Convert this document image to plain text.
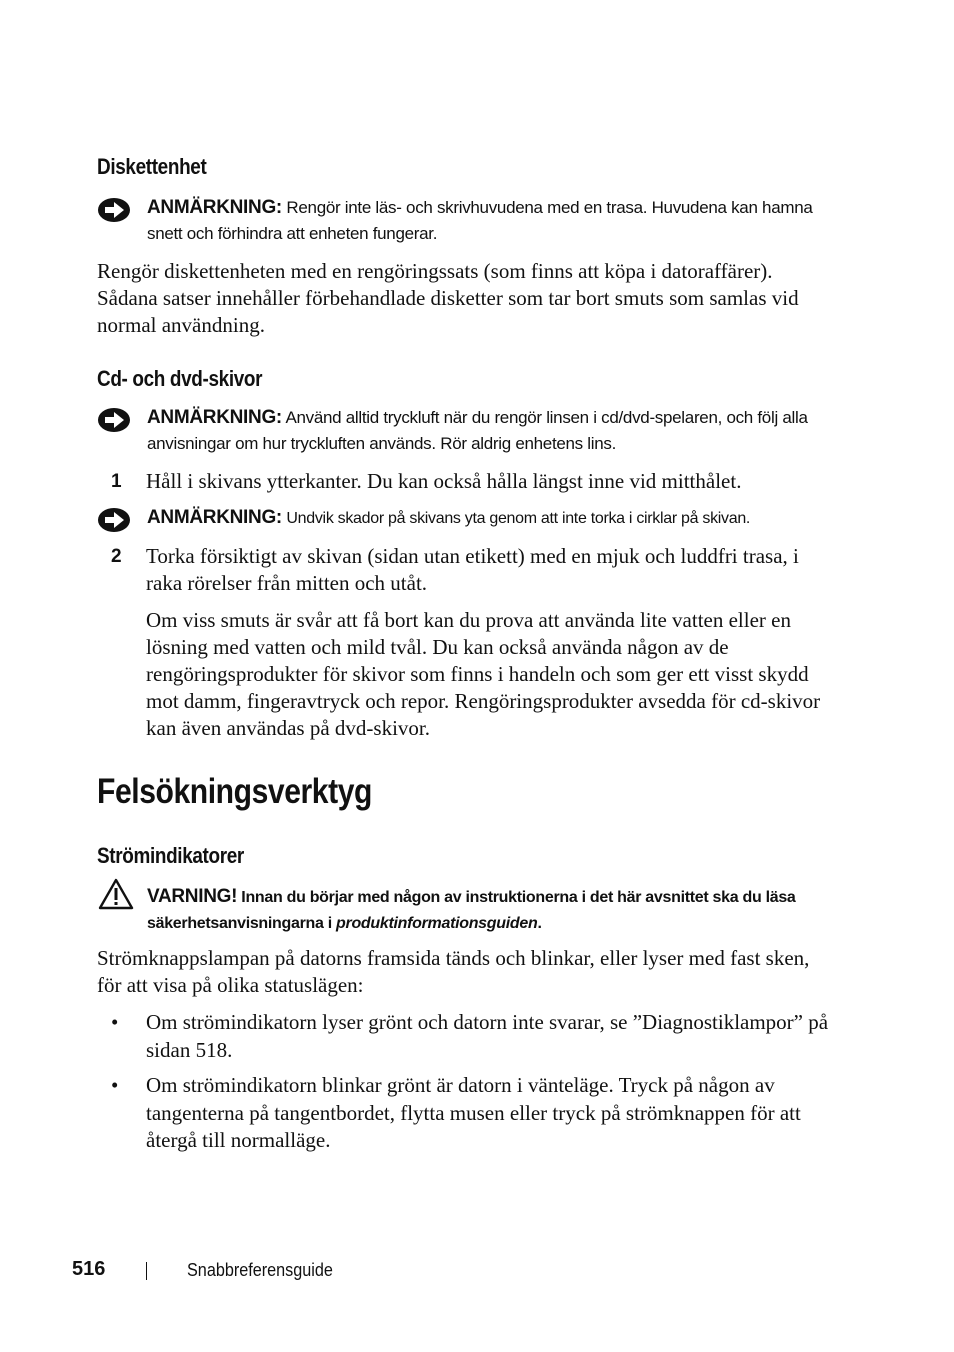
Diskettenhet
ANMÄRKNING: Rengör inte läs- och skrivhuvudena med en trasa. Huvudena kan hamna snett och förhindra att enheten fungerar.

Rengör diskettenheten med en rengöringssats (som finns att köpa i datoraffärer). Sådana satser innehåller förbehandlade disketter som tar bort smuts som samlas vid normal användning.

Cd- och dvd-skivor
ANMÄRKNING: Använd alltid tryckluft när du rengör linsen i cd/dvd-spelaren, och följ alla anvisningar om hur tryckluften används. Rör aldrig enhetens lins.
1 Håll i skivans ytterkanter. Du kan också hålla längst inne vid mitthålet.
ANMÄRKNING: Undvik skador på skivans yta genom att inte torka i cirklar på skivan.
2 Torka försiktigt av skivan (sidan utan etikett) med en mjuk och luddfri trasa, i raka rörelser från mitten och utåt.

Om viss smuts är svår att få bort kan du prova att använda lite vatten eller en lösning med vatten och mild tvål. Du kan också använda någon av de rengöringsprodukter för skivor som finns i handeln och som ger ett visst skydd mot damm, fingeravtryck och repor. Rengöringsprodukter avsedda för cd-skivor kan även användas på dvd-skivor.

Felsökningsverktyg
Strömindikatorer
VARNING! Innan du börjar med någon av instruktionerna i det här avsnittet ska du läsa säkerhetsanvisningarna i produktinformationsguiden.

Strömknappslampan på datorns framsida tänds och blinkar, eller lyser med fast sken, för att visa på olika statuslägen:

• Om strömindikatorn lyser grönt och datorn inte svarar, se ”Diagnostiklampor” på sidan 518.
• Om strömindikatorn blinkar grönt är datorn i vänteläge. Tryck på någon av tangenterna på tangentbordet, flytta musen eller tryck på strömknappen för att återgå till normalläge.
516	Snabbreferensguide
